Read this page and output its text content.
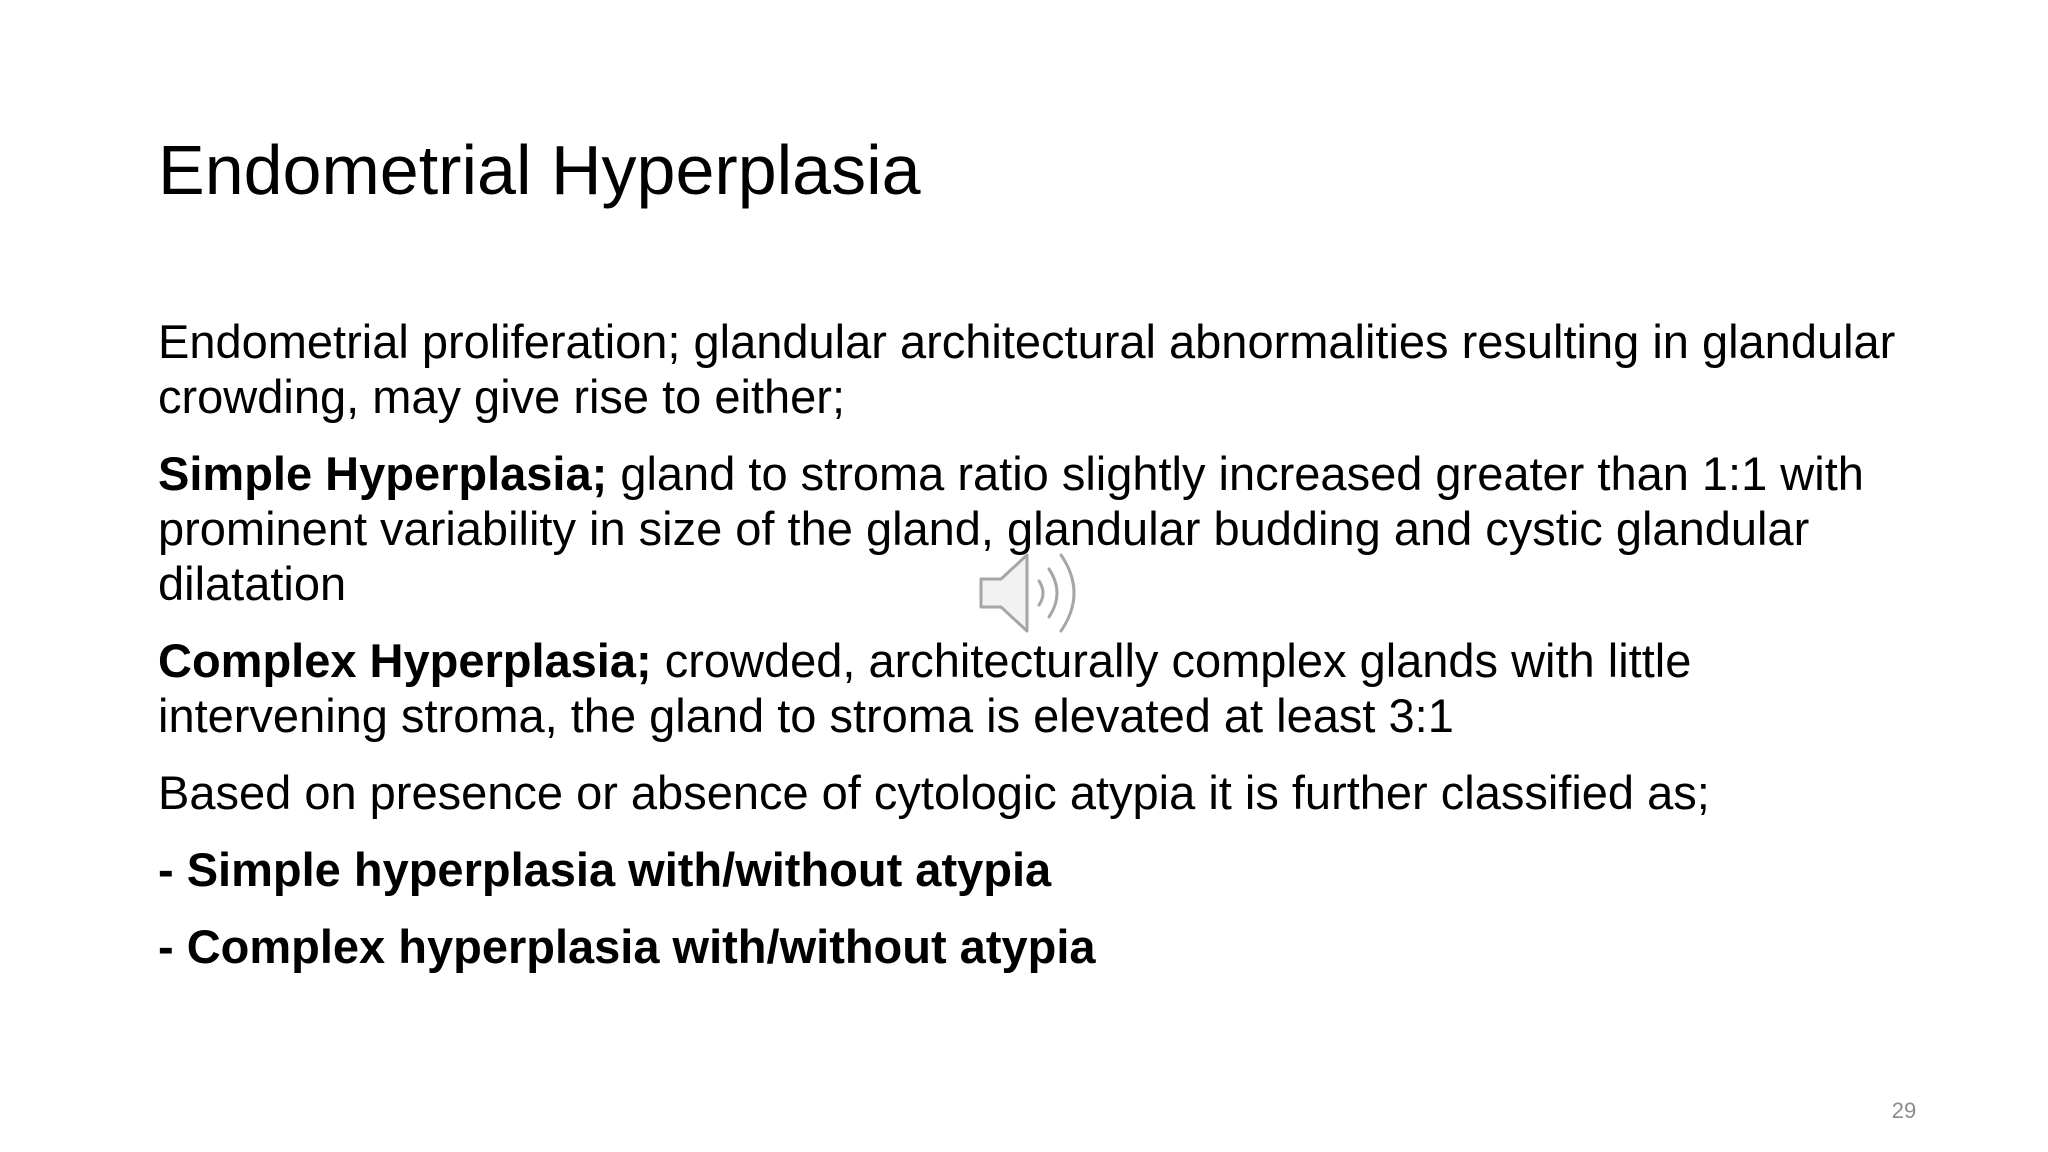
Endometrial Hyperplasia

Endometrial proliferation; glandular architectural abnormalities resulting in glandular crowding, may give rise to either;

Simple Hyperplasia; gland to stroma ratio slightly increased greater than 1:1 with prominent variability in size of the gland, glandular budding and cystic glandular dilatation

Complex Hyperplasia; crowded, architecturally complex glands with little intervening stroma, the gland to stroma is elevated at least 3:1

Based on presence or absence of cytologic atypia it is further classified as;

- Simple hyperplasia with/without atypia

- Complex hyperplasia with/without atypia

29
